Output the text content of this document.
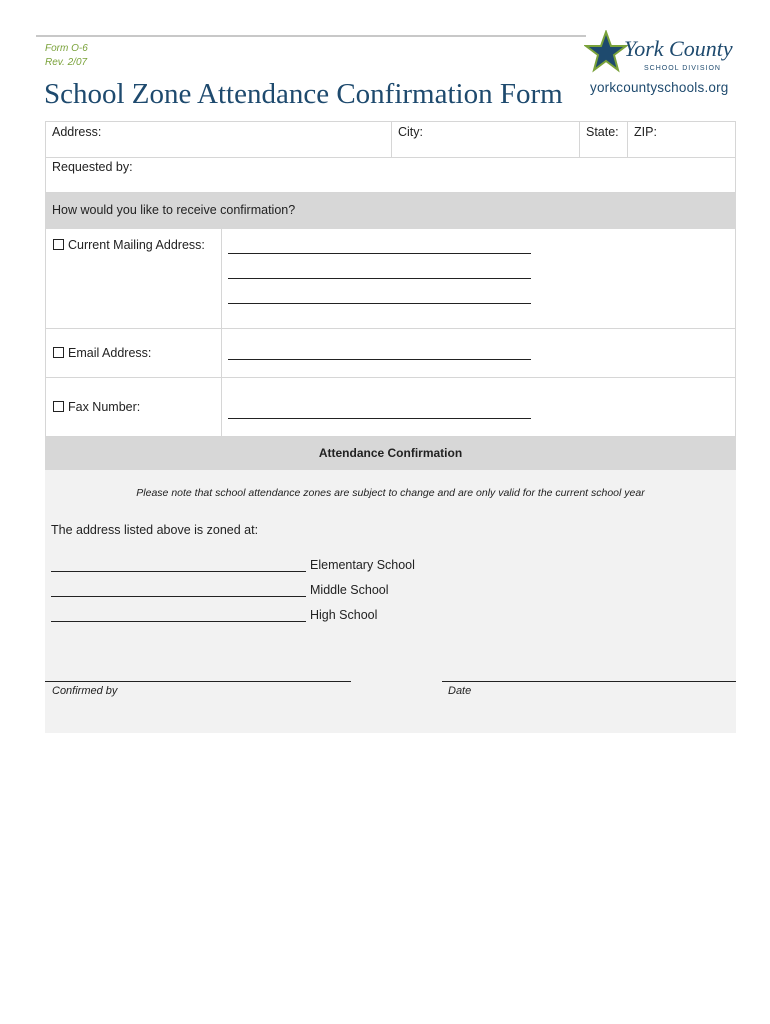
Form O-6
Rev. 2/07
School Zone Attendance Confirmation Form
York County
SCHOOL DIVISION
yorkcountyschools.org
Address:	City:	State:	ZIP:
Requested by:
How would you like to receive confirmation?
Current Mailing Address:
Email Address:
Fax Number:
Attendance Confirmation
Please note that school attendance zones are subject to change and are only valid for the current school year
The address listed above is zoned at:
Elementary School
Middle School
High School
Confirmed by	Date
